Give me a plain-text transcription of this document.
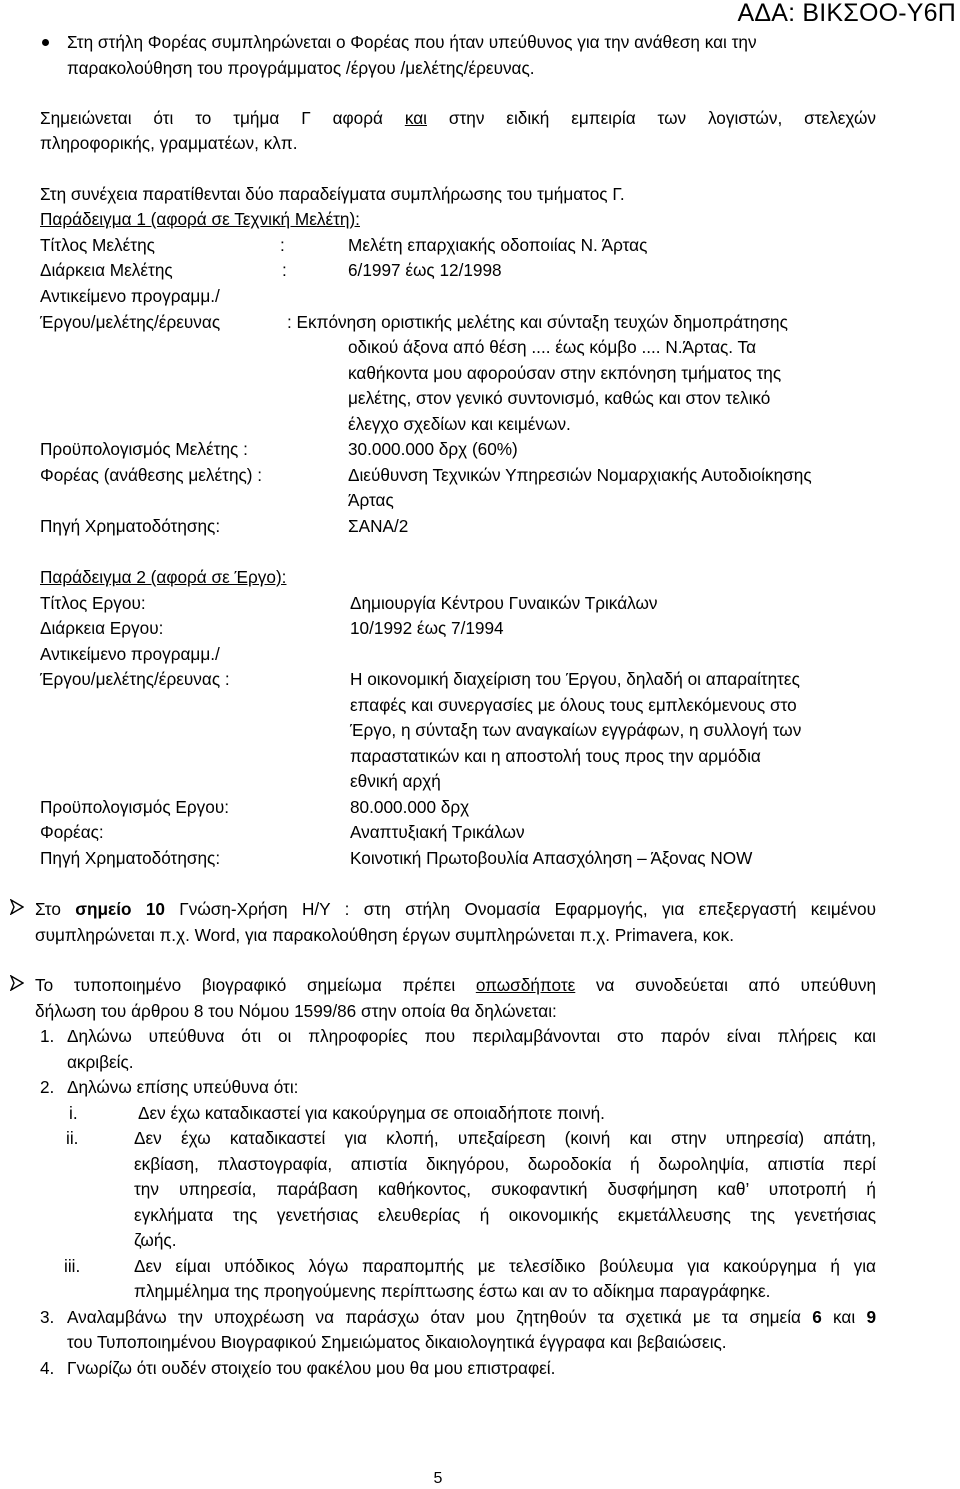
ΑΔΑ: ΒΙΚΣΟΟ-Υ6Π
Στη στήλη Φορέας συμπληρώνεται ο Φορέας που ήταν υπεύθυνος για την ανάθεση και την
παρακολούθηση του προγράμματος /έργου /μελέτης/έρευνας.
Σημειώνεται ότι το τμήμα Γ αφορά και στην ειδική εμπειρία των λογιστών, στελεχών
πληροφορικής, γραμματέων, κλπ.
Στη συνέχεια παρατίθενται δύο παραδείγματα συμπλήρωσης του τμήματος Γ.
Παράδειγμα 1 (αφορά σε Τεχνική Μελέτη):
Τίτλος Μελέτης	:	Μελέτη επαρχιακής οδοποιίας Ν. Άρτας
Διάρκεια Μελέτης	:	6/1997 έως 12/1998
Αντικείμενο προγραμμ./
Έργου/μελέτης/έρευνας	: Εκπόνηση οριστικής μελέτης και σύνταξη τευχών δημοπράτησης
οδικού άξονα από θέση .... έως κόμβο .... Ν.Άρτας. Τα
καθήκοντα μου αφορούσαν στην εκπόνηση τμήματος της
μελέτης, στον γενικό συντονισμό, καθώς και στον τελικό
έλεγχο σχεδίων και κειμένων.
Προϋπολογισμός Μελέτης :	30.000.000 δρχ (60%)
Φορέας (ανάθεσης μελέτης) :	Διεύθυνση Τεχνικών Υπηρεσιών Νομαρχιακής Αυτοδιοίκησης
Άρτας
Πηγή Χρηματοδότησης:	ΣΑΝΑ/2
Παράδειγμα 2 (αφορά σε Έργο):
Τίτλος Εργου:	Δημιουργία Κέντρου Γυναικών Τρικάλων
Διάρκεια Εργου:	10/1992 έως 7/1994
Αντικείμενο προγραμμ./
Έργου/μελέτης/έρευνας :	Η οικονομική διαχείριση του Έργου, δηλαδή οι απαραίτητες
επαφές και συνεργασίες με όλους τους εμπλεκόμενους στο
Έργο, η σύνταξη των αναγκαίων εγγράφων, η συλλογή των
παραστατικών και η αποστολή τους προς την αρμόδια
εθνική αρχή
Προϋπολογισμός Εργου:	80.000.000 δρχ
Φορέας:	Αναπτυξιακή Τρικάλων
Πηγή Χρηματοδότησης:	Κοινοτική Πρωτοβουλία Απασχόληση – Άξονας NOW
Στο σημείο 10 Γνώση-Χρήση Η/Υ : στη στήλη Ονομασία Εφαρμογής, για επεξεργαστή κειμένου
συμπληρώνεται π.χ. Word, για παρακολούθηση έργων συμπληρώνεται π.χ. Primavera, κοκ.
Το τυποποιημένο βιογραφικό σημείωμα πρέπει οπωσδήποτε να συνοδεύεται από υπεύθυνη
δήλωση του άρθρου 8 του Νόμου 1599/86 στην οποία θα δηλώνεται:
1. Δηλώνω υπεύθυνα ότι οι πληροφορίες που περιλαμβάνονται στο παρόν είναι πλήρεις και
ακριβείς.
2. Δηλώνω επίσης υπεύθυνα ότι:
i.	Δεν έχω καταδικαστεί για κακούργημα σε οποιαδήποτε ποινή.
ii.	Δεν έχω καταδικαστεί για κλοπή, υπεξαίρεση (κοινή και στην υπηρεσία) απάτη,
εκβίαση, πλαστογραφία, απιστία δικηγόρου, δωροδοκία ή δωροληψία, απιστία περί
την υπηρεσία, παράβαση καθήκοντος, συκοφαντική δυσφήμηση καθ’ υποτροπή ή
εγκλήματα της γενετήσιας ελευθερίας ή οικονομικής εκμετάλλευσης της γενετήσιας
ζωής.
iii.	Δεν είμαι υπόδικος λόγω παραπομπής με τελεσίδικο βούλευμα για κακούργημα ή για
πλημμέλημα της προηγούμενης περίπτωσης έστω και αν το αδίκημα παραγράφηκε.
3. Αναλαμβάνω την υποχρέωση να παράσχω όταν μου ζητηθούν τα σχετικά με τα σημεία 6 και 9
του Τυποποιημένου Βιογραφικού Σημειώματος δικαιολογητικά έγγραφα και βεβαιώσεις.
4. Γνωρίζω ότι ουδέν στοιχείο του φακέλου μου θα μου επιστραφεί.
5
